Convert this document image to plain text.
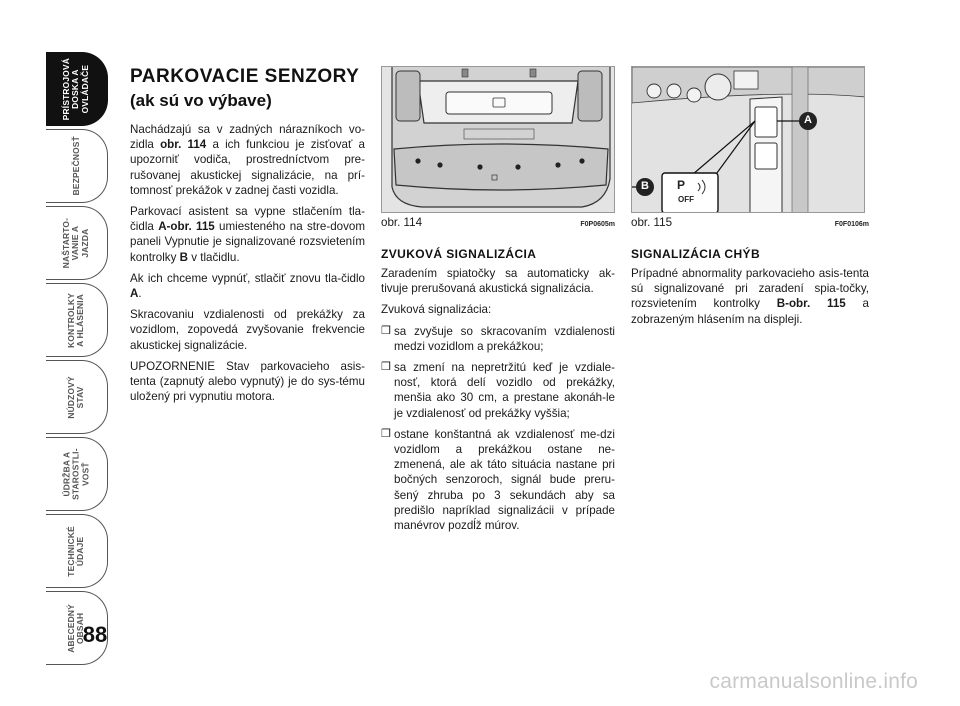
PRÍSTROJOVÁ
DOSKA A
OVLÁDAČE
BEZPEČNOSŤ
NAŠTARTO-
VANIE A
JAZDA
KONTROLKY
A HLÁSENIA
NÚDZOVÝ
STAV
ÚDRŽBA A
STAROSTLI-
VOSŤ
TECHNICKÉ
ÚDAJE
ABECEDNÝ
OBSAH
88
PARKOVACIE SENZORY
(ak sú vo výbave)

Nachádzajú sa v zadných nárazníkoch vo-zidla obr. 114 a ich funkciou je zisťovať a upozorniť vodiča, prostredníctvom pre-rušovanej akustickej signalizácie, na prí-tomnosť prekážok v zadnej časti vozidla.

Parkovací asistent sa vypne stlačením tla-čidla A-obr. 115 umiesteného na stre-dovom paneli Vypnutie je signalizované rozsvietením kontrolky B v tlačidlu.

Ak ich chceme vypnúť, stlačiť znovu tla-čidlo A.

Skracovaniu vzdialenosti od prekážky za vozidlom, zopovedá zvyšovanie frekvencie akustickej signalizácie.

UPOZORNENIE Stav parkovacieho asis-tenta (zapnutý alebo vypnutý) je do sys-tému uložený pri vypnutiu motora.

obr. 114	F0P0605m
ZVUKOVÁ SIGNALIZÁCIA

Zaradením spiatočky sa automaticky ak-tivuje prerušovaná akustická signalizácia.

Zvuková signalizácia:

❒ sa zvyšuje so skracovaním vzdialenosti medzi vozidlom a prekážkou;
❒ sa zmení na nepretržitú keď je vzdiale-nosť, ktorá delí vozidlo od prekážky, menšia ako 30 cm, a prestane akonáh-le je vzdialenosť od prekážky vyššia;
❒ ostane konštantná ak vzdialenosť me-dzi vozidlom a prekážkou ostane ne-zmenená, ale ak táto situácia nastane pri bočných senzoroch, signál bude preru-šený zhruba po 3 sekundách aby sa predišlo napríklad signalizácii v prípade manévrov pozdĺž múrov.
A
B P
OFF
obr. 115	F0F0106m
SIGNALIZÁCIA CHÝB

Prípadné abnormality parkovacieho asis-tenta sú signalizované pri zaradení spia-točky, rozsvietením kontrolky B-obr. 115 a zobrazeným hlásením na displeji.

carmanualsonline.info
